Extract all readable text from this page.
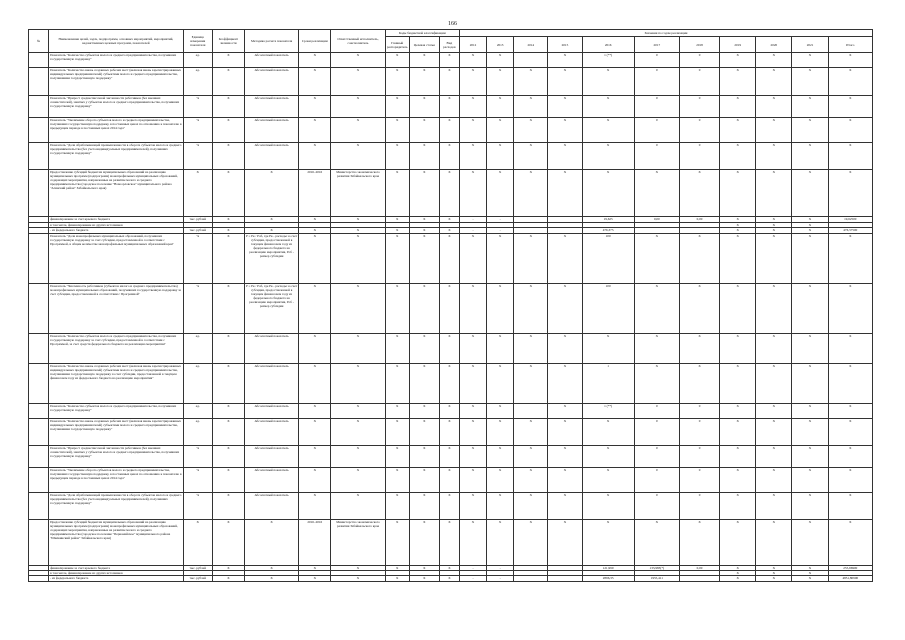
166
№	Наименование целей, задач, подпрограмм, основных мероприятий, мероприятий, ведомственных целевых программ, показателей	Единица измерения показателя	Коэффициент значимости	Методика расчета показателя	Сроки реализации	Ответственный исполнитель, соисполнитель	Коды бюджетной классификации			Значения по годам реализации										
							Главный распорядитель	Целевая статья	Вид расходов	2012	2013	2014	2015	2016	2017	2018	2019	2020	2021	Итого
	Показатель "Количество субъектов малого и среднего предпринимательства, получивших государственную поддержку"	ед.	Х	Абсолютный показатель	Х	Х	Х	Х	Х	Х	Х		Х	1 (**)	0	0	Х	Х	Х	Х
	Показатель "Количество вновь созданных рабочих мест (включая вновь зарегистрированных индивидуальных предпринимателей) субъектами малого и среднего предпринимательства, получившими государственную поддержку"	ед.	Х	Абсолютный показатель	Х	Х	Х	Х	Х	Х	Х	Х	Х	Х	0	0	Х	Х	Х	Х
	Показатель "Прирост среднесписочной численности работников (без внешних совместителей), занятых у субъектов малого и среднего предпринимательства, получивших государственную поддержку"	%	Х	Абсолютный показатель	Х	Х	Х	Х	Х	Х	Х	Х	Х	Х	0	0	Х	Х	Х	Х
	Показатель "Увеличение оборота субъектов малого и среднего предпринимательства, получивших государственную поддержку, в постоянных ценах по отношению к показателю в предыдущем периоде в постоянных ценах 2014 года"	%	Х	Абсолютный показатель	Х	Х	Х	Х	Х	Х	Х	Х	Х	Х	0	0	Х	Х	Х	Х
	Показатель "Доля обрабатывающей промышленности в обороте субъектов малого и среднего предпринимательства (без учета индивидуальных предпринимателей), получивших государственную поддержку"	%	Х	Абсолютный показатель	Х	Х	Х	Х	Х	Х	Х	Х	Х	Х	0	0	Х	Х	Х	Х
	Предоставление субсидий бюджетам муниципальных образований на реализацию муниципальных программ (подпрограмм) монопрофильных муниципальных образований, содержащих мероприятия, направленные на развитие малого и среднего предпринимательства (городское поселение "Новоорловское" муниципального района "Агинский район" Забайкальского края)	Х	Х	Х	2016–2016	Министерство экономического развития Забайкальского края	Х	Х	Х	Х	Х	Х	Х	Х	Х	Х	Х	Х	Х	Х
	финансирование за счет краевого бюджета	тыс. рублей	Х	Х	Х	Х	Х	Х	Х	-	-			19,625	0,00	0,00	Х	Х	Х	19,62500
	в том числе, финансирование из других источников																Х	Х	Х	
	- из федерального бюджета	тыс. рублей	Х	Х	Х	Х	Х	Х	Х	-	-			476,375			Х	Х	Х	476,37500
	Показатель "Доля монопрофильных муниципальных образований, получивших государственную поддержку за счет субсидии, предоставленной в соответствии с Программой, в общем количестве монопрофильных муниципальных образований края"	%	Х	P = Рк / Pоб, где Pк - расходы за счет субсидии, предоставленной в текущем финансовом году из федерального бюджета на реализацию мероприятия, Pоб - размер субсидии	Х	Х	Х	Х	Х	Х	Х	Х	Х	100	Х	Х	Х	Х	Х	Х
	Показатель "Численность работников (субъектов малого и среднего предпринимательства) монопрофильных муниципальных образований, получивших государственную поддержку за счет субсидии, предоставленной в соответствии с Программой"	%	Х	P = Рк / Pоб, где Pк - расходы за счет субсидии, предоставленной в текущем финансовом году из федерального бюджета на реализацию мероприятия, Pоб - размер субсидии	Х	Х	Х	Х	Х	Х	Х	Х	Х	100	Х	Х	Х	Х	Х	Х
	Показатель "Количество субъектов малого и среднего предпринимательства, получивших государственную поддержку за счет субсидии, предоставленной в соответствии с Программой, за счет средств федерального бюджета на реализацию мероприятия"	ед.	Х	Абсолютный показатель	Х	Х	Х	Х	Х	Х	Х	Х	Х	Х	Х	Х	Х	Х	Х	Х
	Показатель "Количество вновь созданных рабочих мест (включая вновь зарегистрированных индивидуальных предпринимателей) субъектами малого и среднего предпринимательства, получившими государственную поддержку за счет субсидии, предоставленной в текущем финансовом году из федерального бюджета на реализацию мероприятия"	ед.	Х	Абсолютный показатель	Х	Х	Х	Х	Х	Х	Х	Х	Х	1	Х	Х	Х	Х	Х	Х
	Показатель "Количество субъектов малого и среднего предпринимательства, получивших государственную поддержку"	ед.	Х	Абсолютный показатель	Х	Х	Х	Х	Х	Х	Х		Х	1 (**)	0	0	Х	Х	Х	Х
	Показатель "Количество вновь созданных рабочих мест (включая вновь зарегистрированных индивидуальных предпринимателей) субъектами малого и среднего предпринимательства, получившими государственную поддержку"	ед.	Х	Абсолютный показатель	Х	Х	Х	Х	Х	Х	Х	Х	Х	Х	0	0	Х	Х	Х	Х
	Показатель "Прирост среднесписочной численности работников (без внешних совместителей), занятых у субъектов малого и среднего предпринимательства, получивших государственную поддержку"	%	Х	Абсолютный показатель	Х	Х	Х	Х	Х	Х	Х	Х	Х	Х	0	0	Х	Х	Х	Х
	Показатель "Увеличение оборота субъектов малого и среднего предпринимательства, получивших государственную поддержку, в постоянных ценах по отношению к показателю в предыдущем периоде в постоянных ценах 2014 года"	%	Х	Абсолютный показатель	Х	Х	Х	Х	Х	Х	Х	Х	Х	Х	0	0	Х	Х	Х	Х
	Показатель "Доля обрабатывающей промышленности в обороте субъектов малого и среднего предпринимательства (без учета индивидуальных предпринимателей), получивших государственную поддержку"	%	Х	Абсолютный показатель	Х	Х	Х	Х	Х	Х	Х	Х	Х	Х	0	0	Х	Х	Х	Х
	Предоставление субсидий бюджетам муниципальных образований на реализацию муниципальных программ (подпрограмм) монопрофильных муниципальных образований, содержащих мероприятия, направленные на развитие малого и среднего предпринимательства (городское поселение "Первомайское" муниципального района "Шилкинский район" Забайкальского края)	Х	Х	Х	2016–2016	Министерство экономического развития Забайкальского края	Х	Х	Х	Х	Х	Х	Х	Х	Х	Х	Х	Х	Х	Х
	финансирование за счет краевого бюджета	тыс. рублей	Х	Х	Х	Х	Х	Х	Х	-	-			121,990	133,983(*)	0,00	Х	Х	Х	255,96900
	в том числе, финансирование из других источников																Х	Х	Х	
	- из федерального бюджета	тыс. рублей	Х	Х	Х	Х	Х	Х	Х	-	-			2896,35	1955,411		Х	Х	Х	4851,80900
